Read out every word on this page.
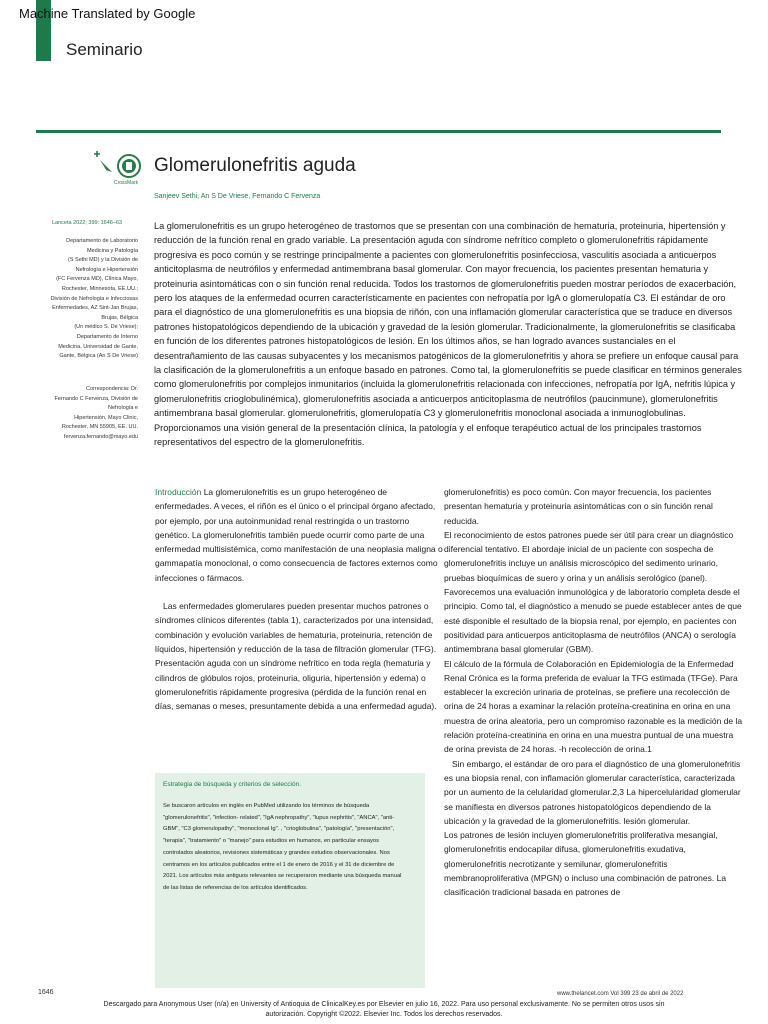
Machine Translated by Google
Seminario
CrossMark
Glomerulonefritis aguda
Sanjeev Sethi, An S De Vriese, Fernando C Fervenza
Lanceta 2022; 399: 1646–63
Departamento de Laboratorio
Medicina y Patología
(S Sethi MD) y la División de
Nefrología e Hipertensión
(FC Fervenza MD), Clínica Mayo,
Rochester, Minnesota, EE.UU.;
División de Nefrología e Infecciosas
Enfermedades, AZ Sint-Jan Brujas,
Brujas, Bélgica
(Un médico S. De Vriese);
Departamento de Interno
Medicina, Universidad de Gante,
Gante, Bélgica (An S De Vriese)
Correspondencia: Dr.
Fernando C Fervenza, División de
Nefrología e
Hipertensión, Mayo Clinic,
Rochester, MN 55905, EE. UU.
fervenza.fernando@mayo.edu
La glomerulonefritis es un grupo heterogéneo de trastornos que se presentan con una combinación de hematuria, proteinuria, hipertensión y reducción de la función renal en grado variable. La presentación aguda con síndrome nefrítico completo o glomerulonefritis rápidamente progresiva es poco común y se restringe principalmente a pacientes con glomerulonefritis posinfecciosa, vasculitis asociada a anticuerpos anticitoplasma de neutrófilos y enfermedad antimembrana basal glomerular. Con mayor frecuencia, los pacientes presentan hematuria y proteinuria asintomáticas con o sin función renal reducida. Todos los trastornos de glomerulonefritis pueden mostrar períodos de exacerbación, pero los ataques de la enfermedad ocurren característicamente en pacientes con nefropatía por IgA o glomerulopatía C3. El estándar de oro para el diagnóstico de una glomerulonefritis es una biopsia de riñón, con una inflamación glomerular característica que se traduce en diversos patrones histopatológicos dependiendo de la ubicación y gravedad de la lesión glomerular. Tradicionalmente, la glomerulonefritis se clasificaba en función de los diferentes patrones histopatológicos de lesión. En los últimos años, se han logrado avances sustanciales en el desentrañamiento de las causas subyacentes y los mecanismos patogénicos de la glomerulonefritis y ahora se prefiere un enfoque causal para la clasificación de la glomerulonefritis a un enfoque basado en patrones. Como tal, la glomerulonefritis se puede clasificar en términos generales como glomerulonefritis por complejos inmunitarios (incluida la glomerulonefritis relacionada con infecciones, nefropatía por IgA, nefritis lúpica y glomerulonefritis crioglobulinémica), glomerulonefritis asociada a anticuerpos anticitoplasma de neutrófilos (paucinmune), glomerulonefritis antimembrana basal glomerular. glomerulonefritis, glomerulopatía C3 y glomerulonefritis monoclonal asociada a inmunoglobulinas. Proporcionamos una visión general de la presentación clínica, la patología y el enfoque terapéutico actual de los principales trastornos representativos del espectro de la glomerulonefritis.

Introducción La glomerulonefritis es un grupo heterogéneo de enfermedades. A veces, el riñón es el único o el principal órgano afectado, por ejemplo, por una autoinmunidad renal restringida o un trastorno genético. La glomerulonefritis también puede ocurrir como parte de una enfermedad multisistémica, como manifestación de una neoplasia maligna o gammapatía monoclonal, o como consecuencia de factores externos como infecciones o fármacos.

Las enfermedades glomerulares pueden presentar muchos patrones o síndromes clínicos diferentes (tabla 1), caracterizados por una intensidad, combinación y evolución variables de hematuria, proteinuria, retención de líquidos, hipertensión y reducción de la tasa de filtración glomerular (TFG).

Presentación aguda con un síndrome nefrítico en toda regla (hematuria y cilindros de glóbulos rojos, proteinuria, oliguria, hipertensión y edema) o glomerulonefritis rápidamente progresiva (pérdida de la función renal en días, semanas o meses, presuntamente debida a una enfermedad aguda).

Estrategia de búsqueda y criterios de selección.
Se buscaron artículos en inglés en PubMed utilizando los términos de búsqueda "glomerulonefritis", "infection- related", "IgA nephropathy", "lupus nephritis", "ANCA", "anti-GBM", "C3 glomerulopathy", "monoclonal Ig". , "crioglobulina", "patología", "presentación", "terapia", "tratamiento" o "manejo" para estudios en humanos, en particular ensayos controlados aleatorios, revisiones sistemáticas y grandes estudios observacionales. Nos centramos en los artículos publicados entre el 1 de enero de 2016 y el 31 de diciembre de 2021. Los artículos más antiguos relevantes se recuperaron mediante una búsqueda manual de las listas de referencias de los artículos identificados.

glomerulonefritis) es poco común. Con mayor frecuencia, los pacientes presentan hematuria y proteinuria asintomáticas con o sin función renal reducida.

El reconocimiento de estos patrones puede ser útil para crear un diagnóstico diferencial tentativo. El abordaje inicial de un paciente con sospecha de glomerulonefritis incluye un análisis microscópico del sedimento urinario, pruebas bioquímicas de suero y orina y un análisis serológico (panel). Favorecemos una evaluación inmunológica y de laboratorio completa desde el principio. Como tal, el diagnóstico a menudo se puede establecer antes de que esté disponible el resultado de la biopsia renal, por ejemplo, en pacientes con positividad para anticuerpos anticitoplasma de neutrófilos (ANCA) o serología antimembrana basal glomerular (GBM).

El cálculo de la fórmula de Colaboración en Epidemiología de la Enfermedad Renal Crónica es la forma preferida de evaluar la TFG estimada (TFGe). Para establecer la excreción urinaria de proteínas, se prefiere una recolección de orina de 24 horas a examinar la relación proteína-creatinina en orina en una muestra de orina aleatoria, pero un compromiso razonable es la medición de la relación proteína-creatinina en orina en una muestra puntual de una muestra de orina prevista de 24 horas. -h recolección de orina.1

Sin embargo, el estándar de oro para el diagnóstico de una glomerulonefritis es una biopsia renal, con inflamación glomerular característica, caracterizada por un aumento de la celularidad glomerular.2,3 La hipercelularidad glomerular se manifiesta en diversos patrones histopatológicos dependiendo de la ubicación y la gravedad de la glomerulonefritis. lesión glomerular.

Los patrones de lesión incluyen glomerulonefritis proliferativa mesangial, glomerulonefritis endocapilar difusa, glomerulonefritis exudativa, glomerulonefritis necrotizante y semilunar, glomerulonefritis membranoproliferativa (MPGN) o incluso una combinación de patrones. La clasificación tradicional basada en patrones de

1646	www.thelancet.com Vol 399 23 de abril de 2022
Descargado para Anonymous User (n/a) en University of Antioquia de ClinicalKey.es por Elsevier en julio 16, 2022. Para uso personal exclusivamente. No se permiten otros usos sin autorización. Copyright ©2022. Elsevier Inc. Todos los derechos reservados.
